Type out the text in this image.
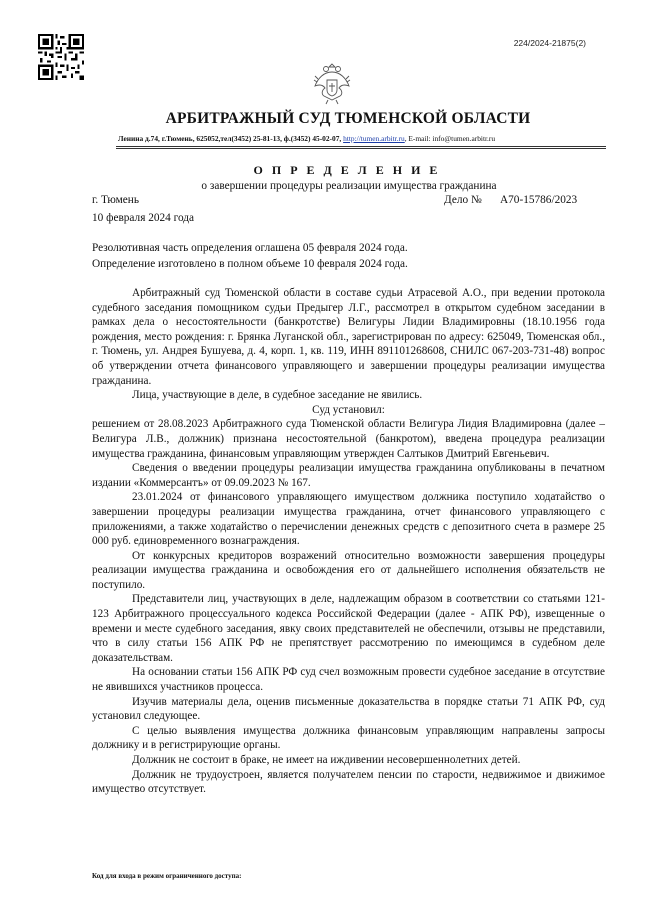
224/2024-21875(2)
АРБИТРАЖНЫЙ СУД ТЮМЕНСКОЙ ОБЛАСТИ
Ленина д.74, г.Тюмень, 625052,тел(3452) 25-81-13, ф.(3452) 45-02-07, http://tumen.arbitr.ru, E-mail: info@tumen.arbitr.ru
О П Р Е Д Е Л Е Н И Е
о завершении процедуры реализации имущества гражданина
г. Тюмень	Дело № А70-15786/2023
10 февраля 2024 года
Резолютивная часть определения оглашена 05 февраля 2024 года.
Определение изготовлено в полном объеме 10 февраля 2024 года.

Арбитражный суд Тюменской области в составе судьи Атрасевой А.О., при ведении протокола судебного заседания помощником судьи Предыгер Л.Г., рассмотрел в открытом судебном заседании в рамках дела о несостоятельности (банкротстве) Велигуры Лидии Владимировны (18.10.1956 года рождения, место рождения: г. Брянка Луганской обл., зарегистрирован по адресу: 625049, Тюменская обл., г. Тюмень, ул. Андрея Бушуева, д. 4, корп. 1, кв. 119, ИНН 891101268608, СНИЛС 067-203-731-48) вопрос об утверждении отчета финансового управляющего и завершении процедуры реализации имущества гражданина.

Лица, участвующие в деле, в судебное заседание не явились.

Суд установил:

решением от 28.08.2023 Арбитражного суда Тюменской области Велигура Лидия Владимировна (далее – Велигура Л.В., должник) признана несостоятельной (банкротом), введена процедура реализации имущества гражданина, финансовым управляющим утвержден Салтыков Дмитрий Евгеньевич.

Сведения о введении процедуры реализации имущества гражданина опубликованы в печатном издании «Коммерсантъ» от 09.09.2023 № 167.

23.01.2024 от финансового управляющего имуществом должника поступило ходатайство о завершении процедуры реализации имущества гражданина, отчет финансового управляющего с приложениями, а также ходатайство о перечислении денежных средств с депозитного счета в размере 25 000 руб. единовременного вознаграждения.

От конкурсных кредиторов возражений относительно возможности завершения процедуры реализации имущества гражданина и освобождения его от дальнейшего исполнения обязательств не поступило.

Представители лиц, участвующих в деле, надлежащим образом в соответствии со статьями 121-123 Арбитражного процессуального кодекса Российской Федерации (далее - АПК РФ), извещенные о времени и месте судебного заседания, явку своих представителей не обеспечили, отзывы не представили, что в силу статьи 156 АПК РФ не препятствует рассмотрению по имеющимся в судебном деле доказательствам.

На основании статьи 156 АПК РФ суд счел возможным провести судебное заседание в отсутствие не явившихся участников процесса.

Изучив материалы дела, оценив письменные доказательства в порядке статьи 71 АПК РФ, суд установил следующее.

С целью выявления имущества должника финансовым управляющим направлены запросы должнику и в регистрирующие органы.

Должник не состоит в браке, не имеет на иждивении несовершеннолетних детей.

Должник не трудоустроен, является получателем пенсии по старости, недвижимое и движимое имущество отсутствует.

Код для входа в режим ограниченного доступа:
